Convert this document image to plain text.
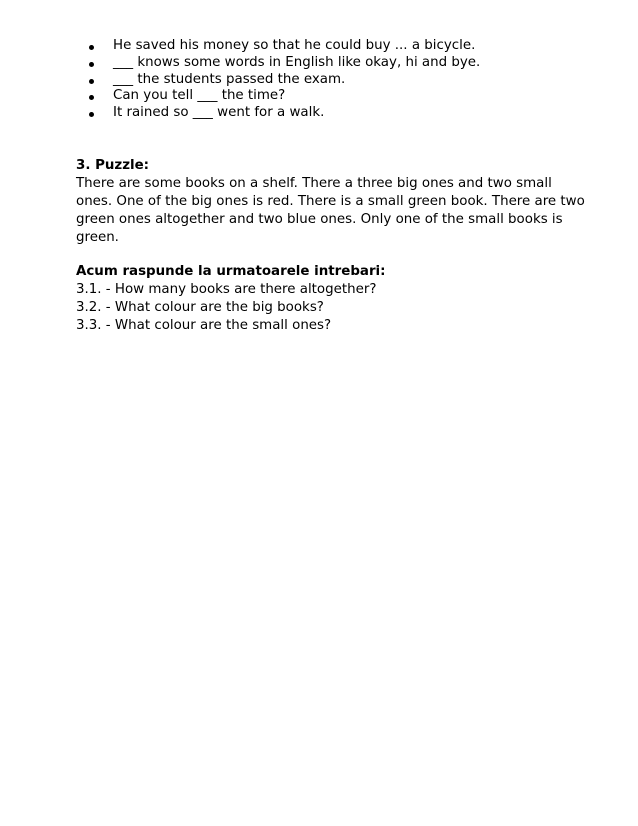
He saved his money so that he could buy ... a bicycle.
___ knows some words in English like okay, hi and bye.
___ the students passed the exam.
Can you tell ___ the time?
It rained so ___ went for a walk.
3. Puzzle:
There are some books on a shelf. There a three big ones and two small
ones. One of the big ones is red. There is a small green book. There are two
green ones altogether and two blue ones. Only one of the small books is
green.
Acum raspunde la urmatoarele intrebari:
3.1. - How many books are there altogether?
3.2. - What colour are the big books?
3.3. - What colour are the small ones?
